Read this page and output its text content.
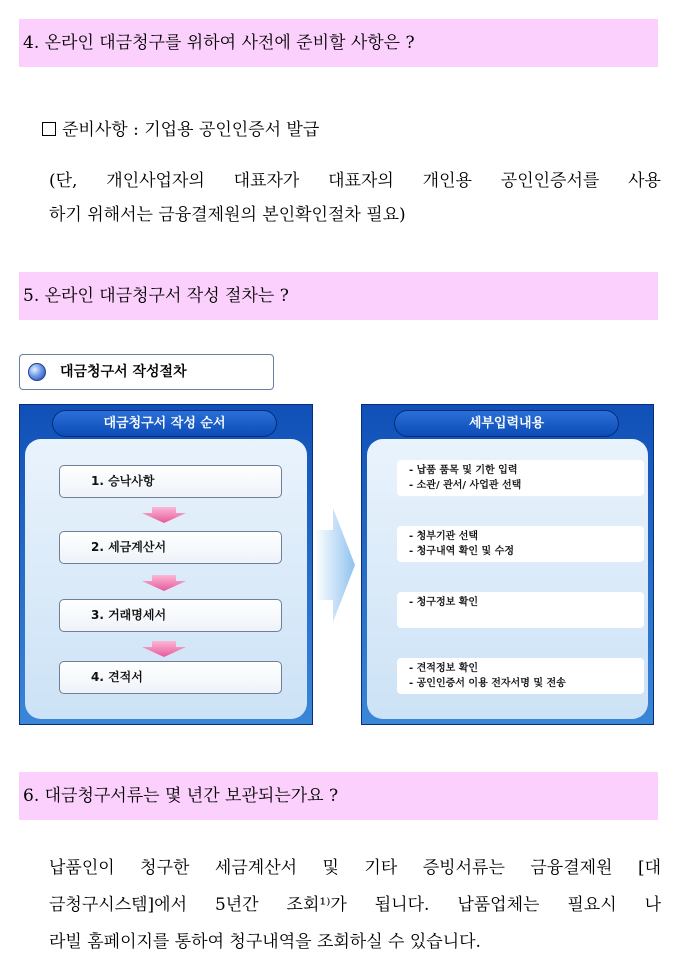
4. 온라인 대금청구를 위하여 사전에 준비할 사항은 ?
준비사항 : 기업용 공인인증서 발급
(단, 개인사업자의 대표자가 대표자의 개인용 공인인증서를 사용
하기 위해서는 금융결제원의 본인확인절차 필요)
5. 온라인 대금청구서 작성 절차는 ?
대금청구서 작성절차
대금청구서 작성 순서
1. 승낙사항
2. 세금계산서
3. 거래명세서
4. 견적서
세부입력내용
- 납품 품목 및 기한 입력
- 소관/ 관서/ 사업관 선택
- 청부기관 선택
- 청구내역 확인 및 수정
- 청구정보 확인
- 견적정보 확인
- 공인인증서 이용 전자서명 및 전송
6. 대금청구서류는 몇 년간 보관되는가요 ?
납품인이 청구한 세금계산서 및 기타 증빙서류는 금융결제원 [대
금청구시스템]에서 5년간 조회¹⁾가 됩니다. 납품업체는 필요시 나
라빌 홈페이지를 통하여 청구내역을 조회하실 수 있습니다.
